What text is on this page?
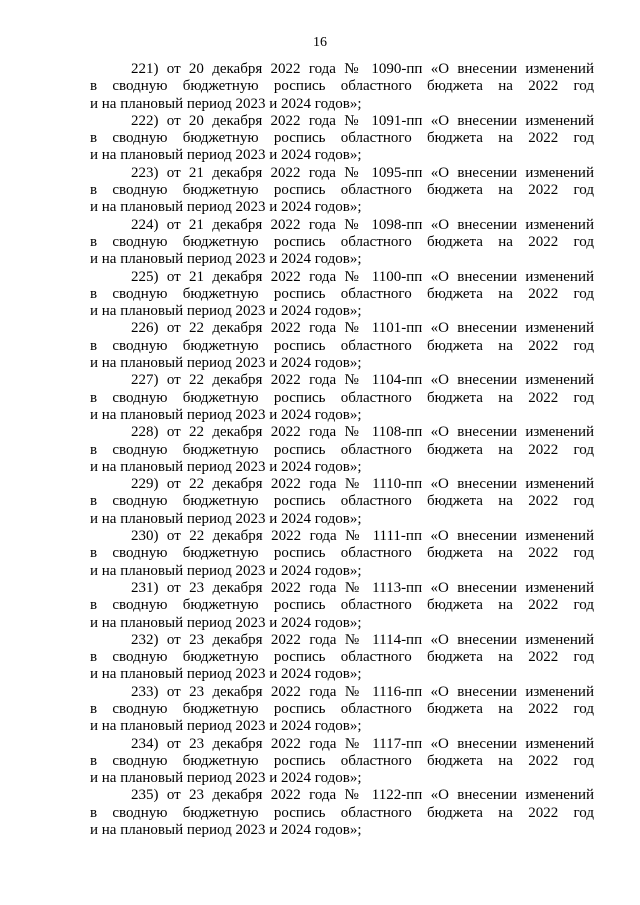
16
221) от 20 декабря 2022 года № 1090-пп «О внесении изменений
в сводную бюджетную роспись областного бюджета на 2022 год
и на плановый период 2023 и 2024 годов»;
222) от 20 декабря 2022 года № 1091-пп «О внесении изменений
в сводную бюджетную роспись областного бюджета на 2022 год
и на плановый период 2023 и 2024 годов»;
223) от 21 декабря 2022 года № 1095-пп «О внесении изменений
в сводную бюджетную роспись областного бюджета на 2022 год
и на плановый период 2023 и 2024 годов»;
224) от 21 декабря 2022 года № 1098-пп «О внесении изменений
в сводную бюджетную роспись областного бюджета на 2022 год
и на плановый период 2023 и 2024 годов»;
225) от 21 декабря 2022 года № 1100-пп «О внесении изменений
в сводную бюджетную роспись областного бюджета на 2022 год
и на плановый период 2023 и 2024 годов»;
226) от 22 декабря 2022 года № 1101-пп «О внесении изменений
в сводную бюджетную роспись областного бюджета на 2022 год
и на плановый период 2023 и 2024 годов»;
227) от 22 декабря 2022 года № 1104-пп «О внесении изменений
в сводную бюджетную роспись областного бюджета на 2022 год
и на плановый период 2023 и 2024 годов»;
228) от 22 декабря 2022 года № 1108-пп «О внесении изменений
в сводную бюджетную роспись областного бюджета на 2022 год
и на плановый период 2023 и 2024 годов»;
229) от 22 декабря 2022 года № 1110-пп «О внесении изменений
в сводную бюджетную роспись областного бюджета на 2022 год
и на плановый период 2023 и 2024 годов»;
230) от 22 декабря 2022 года № 1111-пп «О внесении изменений
в сводную бюджетную роспись областного бюджета на 2022 год
и на плановый период 2023 и 2024 годов»;
231) от 23 декабря 2022 года № 1113-пп «О внесении изменений
в сводную бюджетную роспись областного бюджета на 2022 год
и на плановый период 2023 и 2024 годов»;
232) от 23 декабря 2022 года № 1114-пп «О внесении изменений
в сводную бюджетную роспись областного бюджета на 2022 год
и на плановый период 2023 и 2024 годов»;
233) от 23 декабря 2022 года № 1116-пп «О внесении изменений
в сводную бюджетную роспись областного бюджета на 2022 год
и на плановый период 2023 и 2024 годов»;
234) от 23 декабря 2022 года № 1117-пп «О внесении изменений
в сводную бюджетную роспись областного бюджета на 2022 год
и на плановый период 2023 и 2024 годов»;
235) от 23 декабря 2022 года № 1122-пп «О внесении изменений
в сводную бюджетную роспись областного бюджета на 2022 год
и на плановый период 2023 и 2024 годов»;
